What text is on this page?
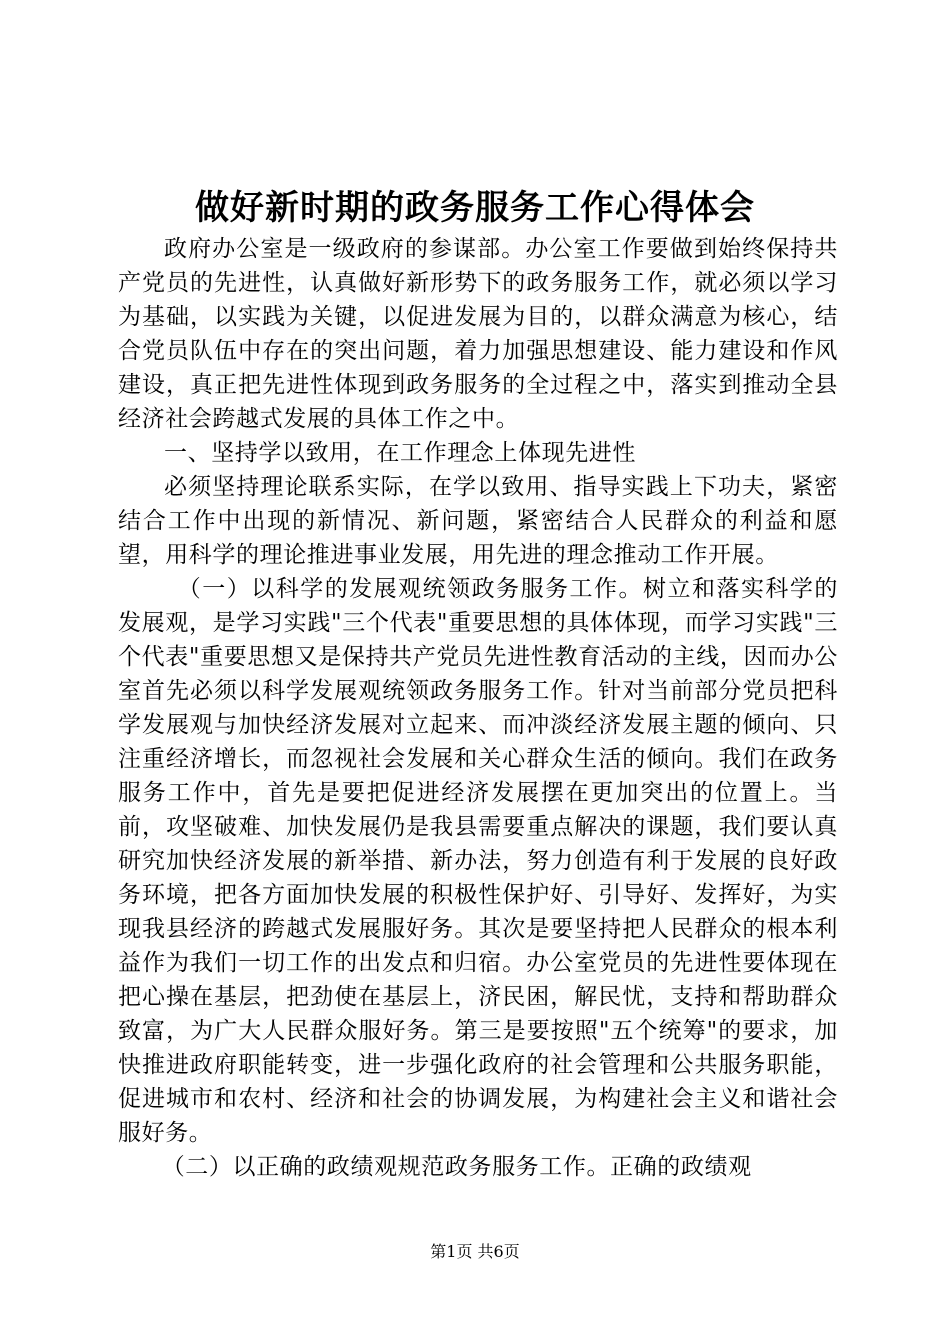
做好新时期的政务服务工作心得体会

政府办公室是一级政府的参谋部。办公室工作要做到始终保持共产党员的先进性，认真做好新形势下的政务服务工作，就必须以学习为基础，以实践为关键，以促进发展为目的，以群众满意为核心，结合党员队伍中存在的突出问题，着力加强思想建设、能力建设和作风建设，真正把先进性体现到政务服务的全过程之中，落实到推动全县经济社会跨越式发展的具体工作之中。

一、坚持学以致用，在工作理念上体现先进性

必须坚持理论联系实际，在学以致用、指导实践上下功夫，紧密结合工作中出现的新情况、新问题，紧密结合人民群众的利益和愿望，用科学的理论推进事业发展，用先进的理念推动工作开展。

（一）以科学的发展观统领政务服务工作。树立和落实科学的发展观，是学习实践"三个代表"重要思想的具体体现，而学习实践"三个代表"重要思想又是保持共产党员先进性教育活动的主线，因而办公室首先必须以科学发展观统领政务服务工作。针对当前部分党员把科学发展观与加快经济发展对立起来、而冲淡经济发展主题的倾向、只注重经济增长，而忽视社会发展和关心群众生活的倾向。我们在政务服务工作中，首先是要把促进经济发展摆在更加突出的位置上。当前，攻坚破难、加快发展仍是我县需要重点解决的课题，我们要认真研究加快经济发展的新举措、新办法，努力创造有利于发展的良好政务环境，把各方面加快发展的积极性保护好、引导好、发挥好，为实现我县经济的跨越式发展服好务。其次是要坚持把人民群众的根本利益作为我们一切工作的出发点和归宿。办公室党员的先进性要体现在把心操在基层，把劲使在基层上，济民困，解民忧，支持和帮助群众致富，为广大人民群众服好务。第三是要按照"五个统筹"的要求，加快推进政府职能转变，进一步强化政府的社会管理和公共服务职能，促进城市和农村、经济和社会的协调发展，为构建社会主义和谐社会服好务。

（二）以正确的政绩观规范政务服务工作。正确的政绩观

第1页 共6页
